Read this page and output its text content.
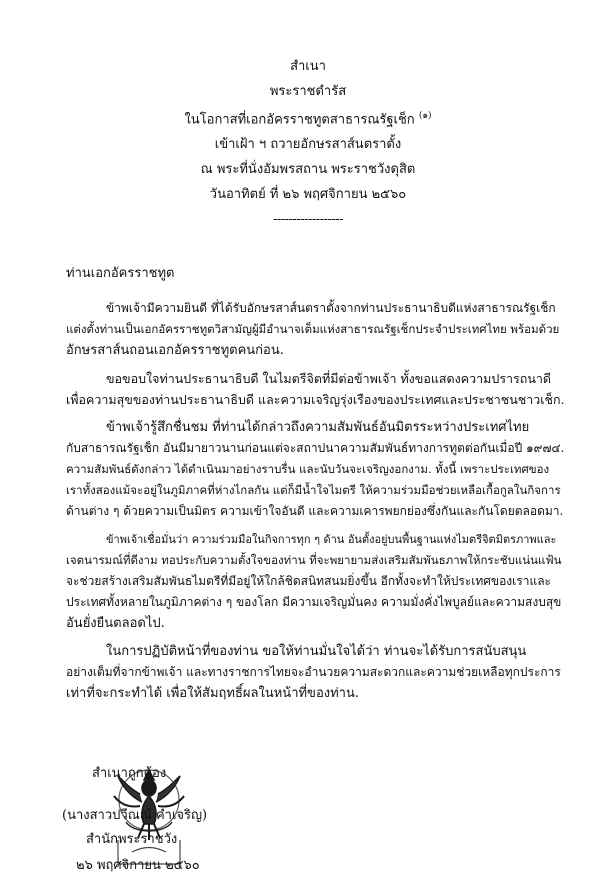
สำเนา
พระราชดำรัส
ในโอกาสที่เอกอัครราชทูตสาธารณรัฐเช็ก $^{(๑)}$
เข้าเฝ้า ฯ ถวายอักษรสาส์นตราตั้ง
ณ พระที่นั่งอัมพรสถาน พระราชวังดุสิต
วันอาทิตย์ ที่ ๒๖ พฤศจิกายน ๒๕๖๐
------------------
ท่านเอกอัครราชทูต
ข้าพเจ้ามีความยินดี ที่ได้รับอักษรสาส์นตราตั้งจากท่านประธานาธิบดีแห่งสาธารณรัฐเช็ก
แต่งตั้งท่านเป็นเอกอัครราชทูตวิสามัญผู้มีอำนาจเต็มแห่งสาธารณรัฐเช็กประจำประเทศไทย พร้อมด้วย
อักษรสาส์นถอนเอกอัครราชทูตคนก่อน.
ขอขอบใจท่านประธานาธิบดี ในไมตรีจิตที่มีต่อข้าพเจ้า ทั้งขอแสดงความปรารถนาดี
เพื่อความสุขของท่านประธานาธิบดี และความเจริญรุ่งเรืองของประเทศและประชาชนชาวเช็ก.
ข้าพเจ้ารู้สึกชื่นชม ที่ท่านได้กล่าวถึงความสัมพันธ์อันมิตรระหว่างประเทศไทย
กับสาธารณรัฐเช็ก อันมีมายาวนานก่อนแต่จะสถาปนาความสัมพันธ์ทางการทูตต่อกันเมื่อปี ๑๙๗๔.
ความสัมพันธ์ดังกล่าว ได้ดำเนินมาอย่างราบรื่น และนับวันจะเจริญงอกงาม. ทั้งนี้ เพราะประเทศของ
เราทั้งสองแม้จะอยู่ในภูมิภาคที่ห่างไกลกัน แต่ก็มีน้ำใจไมตรี ให้ความร่วมมือช่วยเหลือเกื้อกูลในกิจการ
ด้านต่าง ๆ ด้วยความเป็นมิตร ความเข้าใจอันดี และความเคารพยกย่องซึ่งกันและกันโดยตลอดมา.
ข้าพเจ้าเชื่อมั่นว่า ความร่วมมือในกิจการทุก ๆ ด้าน อันตั้งอยู่บนพื้นฐานแห่งไมตรีจิตมิตรภาพและ
เจตนารมณ์ที่ดีงาม ทอประกับความตั้งใจของท่าน ที่จะพยายามส่งเสริมสัมพันธภาพให้กระชับแน่นแฟ้น
จะช่วยสร้างเสริมสัมพันธไมตรีที่มีอยู่ให้ใกล้ชิดสนิทสนมยิ่งขึ้น อีกทั้งจะทำให้ประเทศของเราและ
ประเทศทั้งหลายในภูมิภาคต่าง ๆ ของโลก มีความเจริญมั่นคง ความมั่งคั่งไพบูลย์และความสงบสุข
อันยั่งยืนตลอดไป.
ในการปฏิบัติหน้าที่ของท่าน ขอให้ท่านมั่นใจได้ว่า ท่านจะได้รับการสนับสนุน
อย่างเต็มที่จากข้าพเจ้า และทางราชการไทยจะอำนวยความสะดวกและความช่วยเหลือทุกประการ
เท่าที่จะกระทำได้ เพื่อให้สัมฤทธิ์ผลในหน้าที่ของท่าน.
สำเนาถูกต้อง
(นางสาวปวีณณ์ คำเจริญ)
สำนักพระราชวัง
๒๖ พฤศจิกายน ๒๕๖๐
